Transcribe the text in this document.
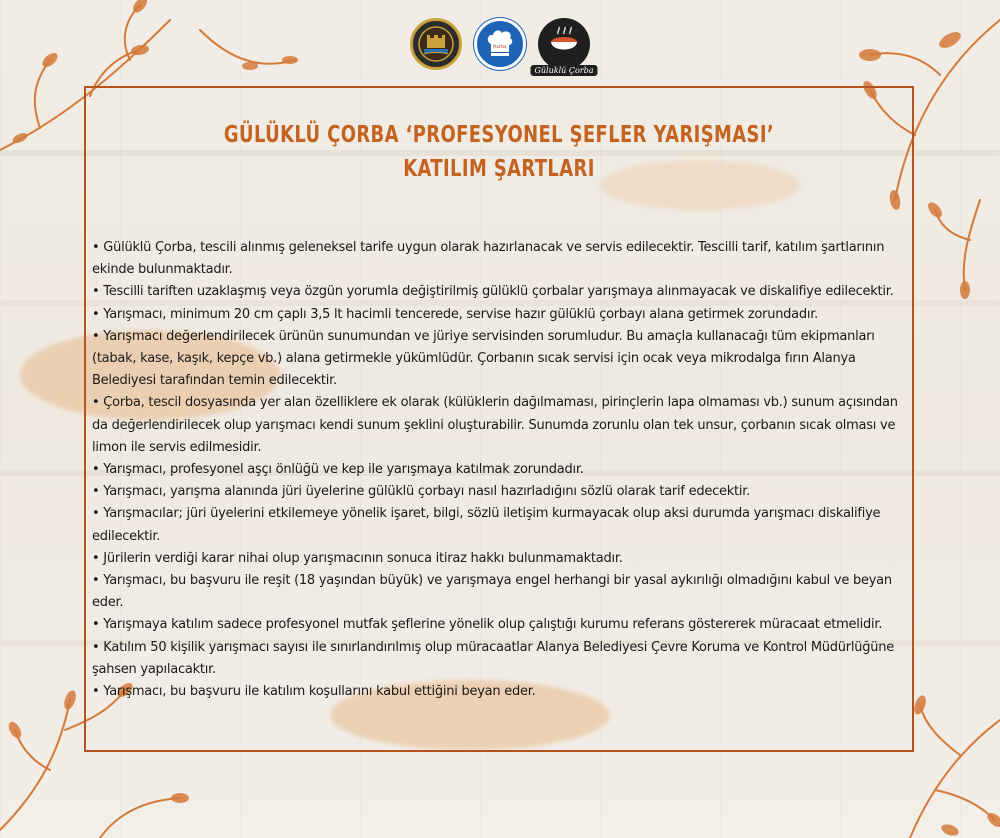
Mutfak
Güluklü Çorba
GÜLÜKLÜ ÇORBA ‘PROFESYONEL ŞEFLER YARIŞMASI’
KATILIM ŞARTLARI
• Gülüklü Çorba, tescili alınmış geleneksel tarife uygun olarak hazırlanacak ve servis edilecektir. Tescilli tarif, katılım şartlarının ekinde bulunmaktadır.
• Tescilli tariften uzaklaşmış veya özgün yorumla değiştirilmiş gülüklü çorbalar yarışmaya alınmayacak ve diskalifiye edilecektir.
• Yarışmacı, minimum 20 cm çaplı 3,5 lt hacimli tencerede, servise hazır gülüklü çorbayı alana getirmek zorundadır.
• Yarışmacı değerlendirilecek ürünün sunumundan ve jüriye servisinden sorumludur. Bu amaçla kullanacağı tüm ekipmanları (tabak, kase, kaşık, kepçe vb.) alana getirmekle yükümlüdür. Çorbanın sıcak servisi için ocak veya mikrodalga fırın Alanya Belediyesi tarafından temin edilecektir.
• Çorba, tescil dosyasında yer alan özelliklere ek olarak (külüklerin dağılmaması, pirinçlerin lapa olmaması vb.) sunum açısından da değerlendirilecek olup yarışmacı kendi sunum şeklini oluşturabilir. Sunumda zorunlu olan tek unsur, çorbanın sıcak olması ve limon ile servis edilmesidir.
• Yarışmacı, profesyonel aşçı önlüğü ve kep ile yarışmaya katılmak zorundadır.
• Yarışmacı, yarışma alanında jüri üyelerine gülüklü çorbayı nasıl hazırladığını sözlü olarak tarif edecektir.
• Yarışmacılar; jüri üyelerini etkilemeye yönelik işaret, bilgi, sözlü iletişim kurmayacak olup aksi durumda yarışmacı diskalifiye edilecektir.
• Jürilerin verdiği karar nihai olup yarışmacının sonuca itiraz hakkı bulunmamaktadır.
• Yarışmacı, bu başvuru ile reşit (18 yaşından büyük) ve yarışmaya engel herhangi bir yasal aykırılığı olmadığını kabul ve beyan eder.
• Yarışmaya katılım sadece profesyonel mutfak şeflerine yönelik olup çalıştığı kurumu referans göstererek müracaat etmelidir.
• Katılım 50 kişilik yarışmacı sayısı ile sınırlandırılmış olup müracaatlar Alanya Belediyesi Çevre Koruma ve Kontrol Müdürlüğüne şahsen yapılacaktır.
• Yarışmacı, bu başvuru ile katılım koşullarını kabul ettiğini beyan eder.
